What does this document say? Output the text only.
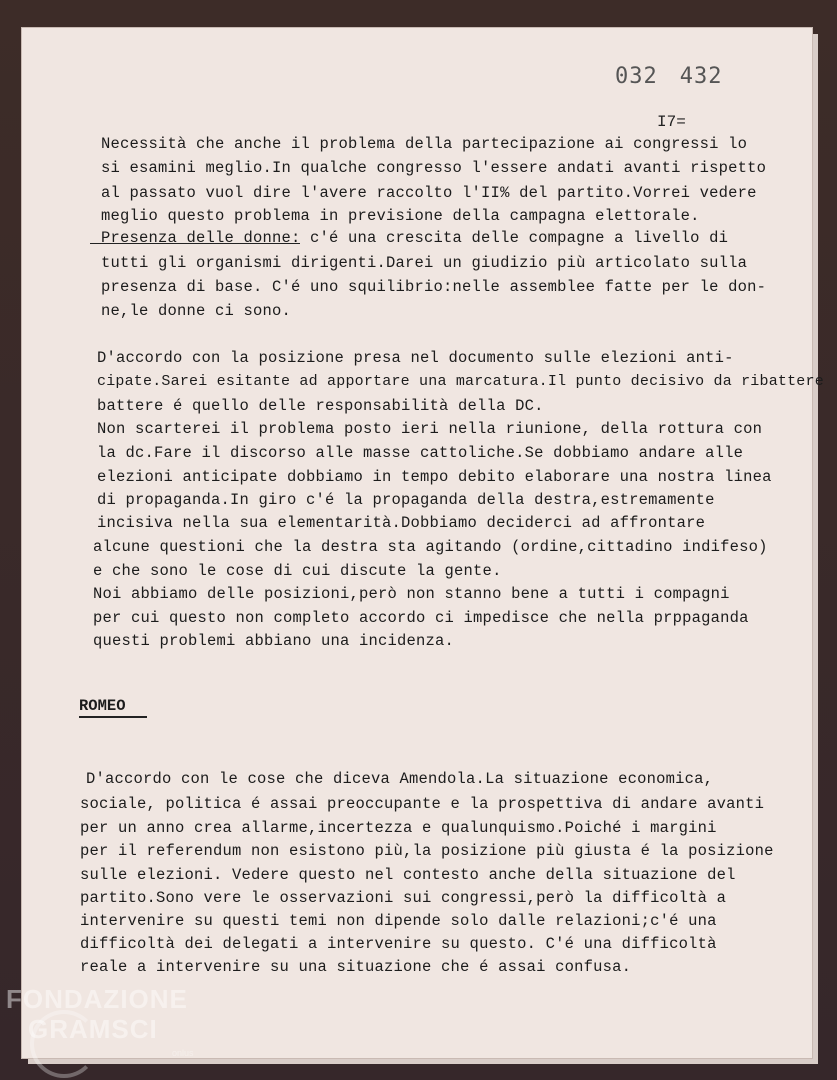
032 432
I7=
Necessità che anche il problema della partecipazione ai congressi lo
si esamini meglio.In qualche congresso l'essere andati avanti rispetto
al passato vuol dire l'avere raccolto l'II% del partito.Vorrei vedere
meglio questo problema in previsione della campagna elettorale.
Presenza delle donne: c'é una crescita delle compagne a livello di
tutti gli organismi dirigenti.Darei un giudizio più articolato sulla
presenza di base. C'é uno squilibrio:nelle assemblee fatte per le don-
ne,le donne ci sono.
D'accordo con la posizione presa nel documento sulle elezioni anti-
cipate.Sarei esitante ad apportare una marcatura.Il punto decisivo da ribattere
battere é quello delle responsabilità della DC.
Non scarterei il problema posto ieri nella riunione, della rottura con
la dc.Fare il discorso alle masse cattoliche.Se dobbiamo andare alle
elezioni anticipate dobbiamo in tempo debito elaborare una nostra linea
di propaganda.In giro c'é la propaganda della destra,estremamente
incisiva nella sua elementarità.Dobbiamo deciderci ad affrontare
alcune questioni che la destra sta agitando (ordine,cittadino indifeso)
e che sono le cose di cui discute la gente.
Noi abbiamo delle posizioni,però non stanno bene a tutti i compagni
per cui questo non completo accordo ci impedisce che nella prppaganda
questi problemi abbiano una incidenza.
ROMEO
D'accordo con le cose che diceva Amendola.La situazione economica,
sociale, politica é assai preoccupante e la prospettiva di andare avanti
per un anno crea allarme,incertezza e qualunquismo.Poiché i margini
per il referendum non esistono più,la posizione più giusta é la posizione
sulle elezioni. Vedere questo nel contesto anche della situazione del
partito.Sono vere le osservazioni sui congressi,però la difficoltà a
intervenire su questi temi non dipende solo dalle relazioni;c'é una
difficoltà dei delegati a intervenire su questo. C'é una difficoltà
reale a intervenire su una situazione che é assai confusa.
FONDAZIONE
GRAMSCI
onlus
